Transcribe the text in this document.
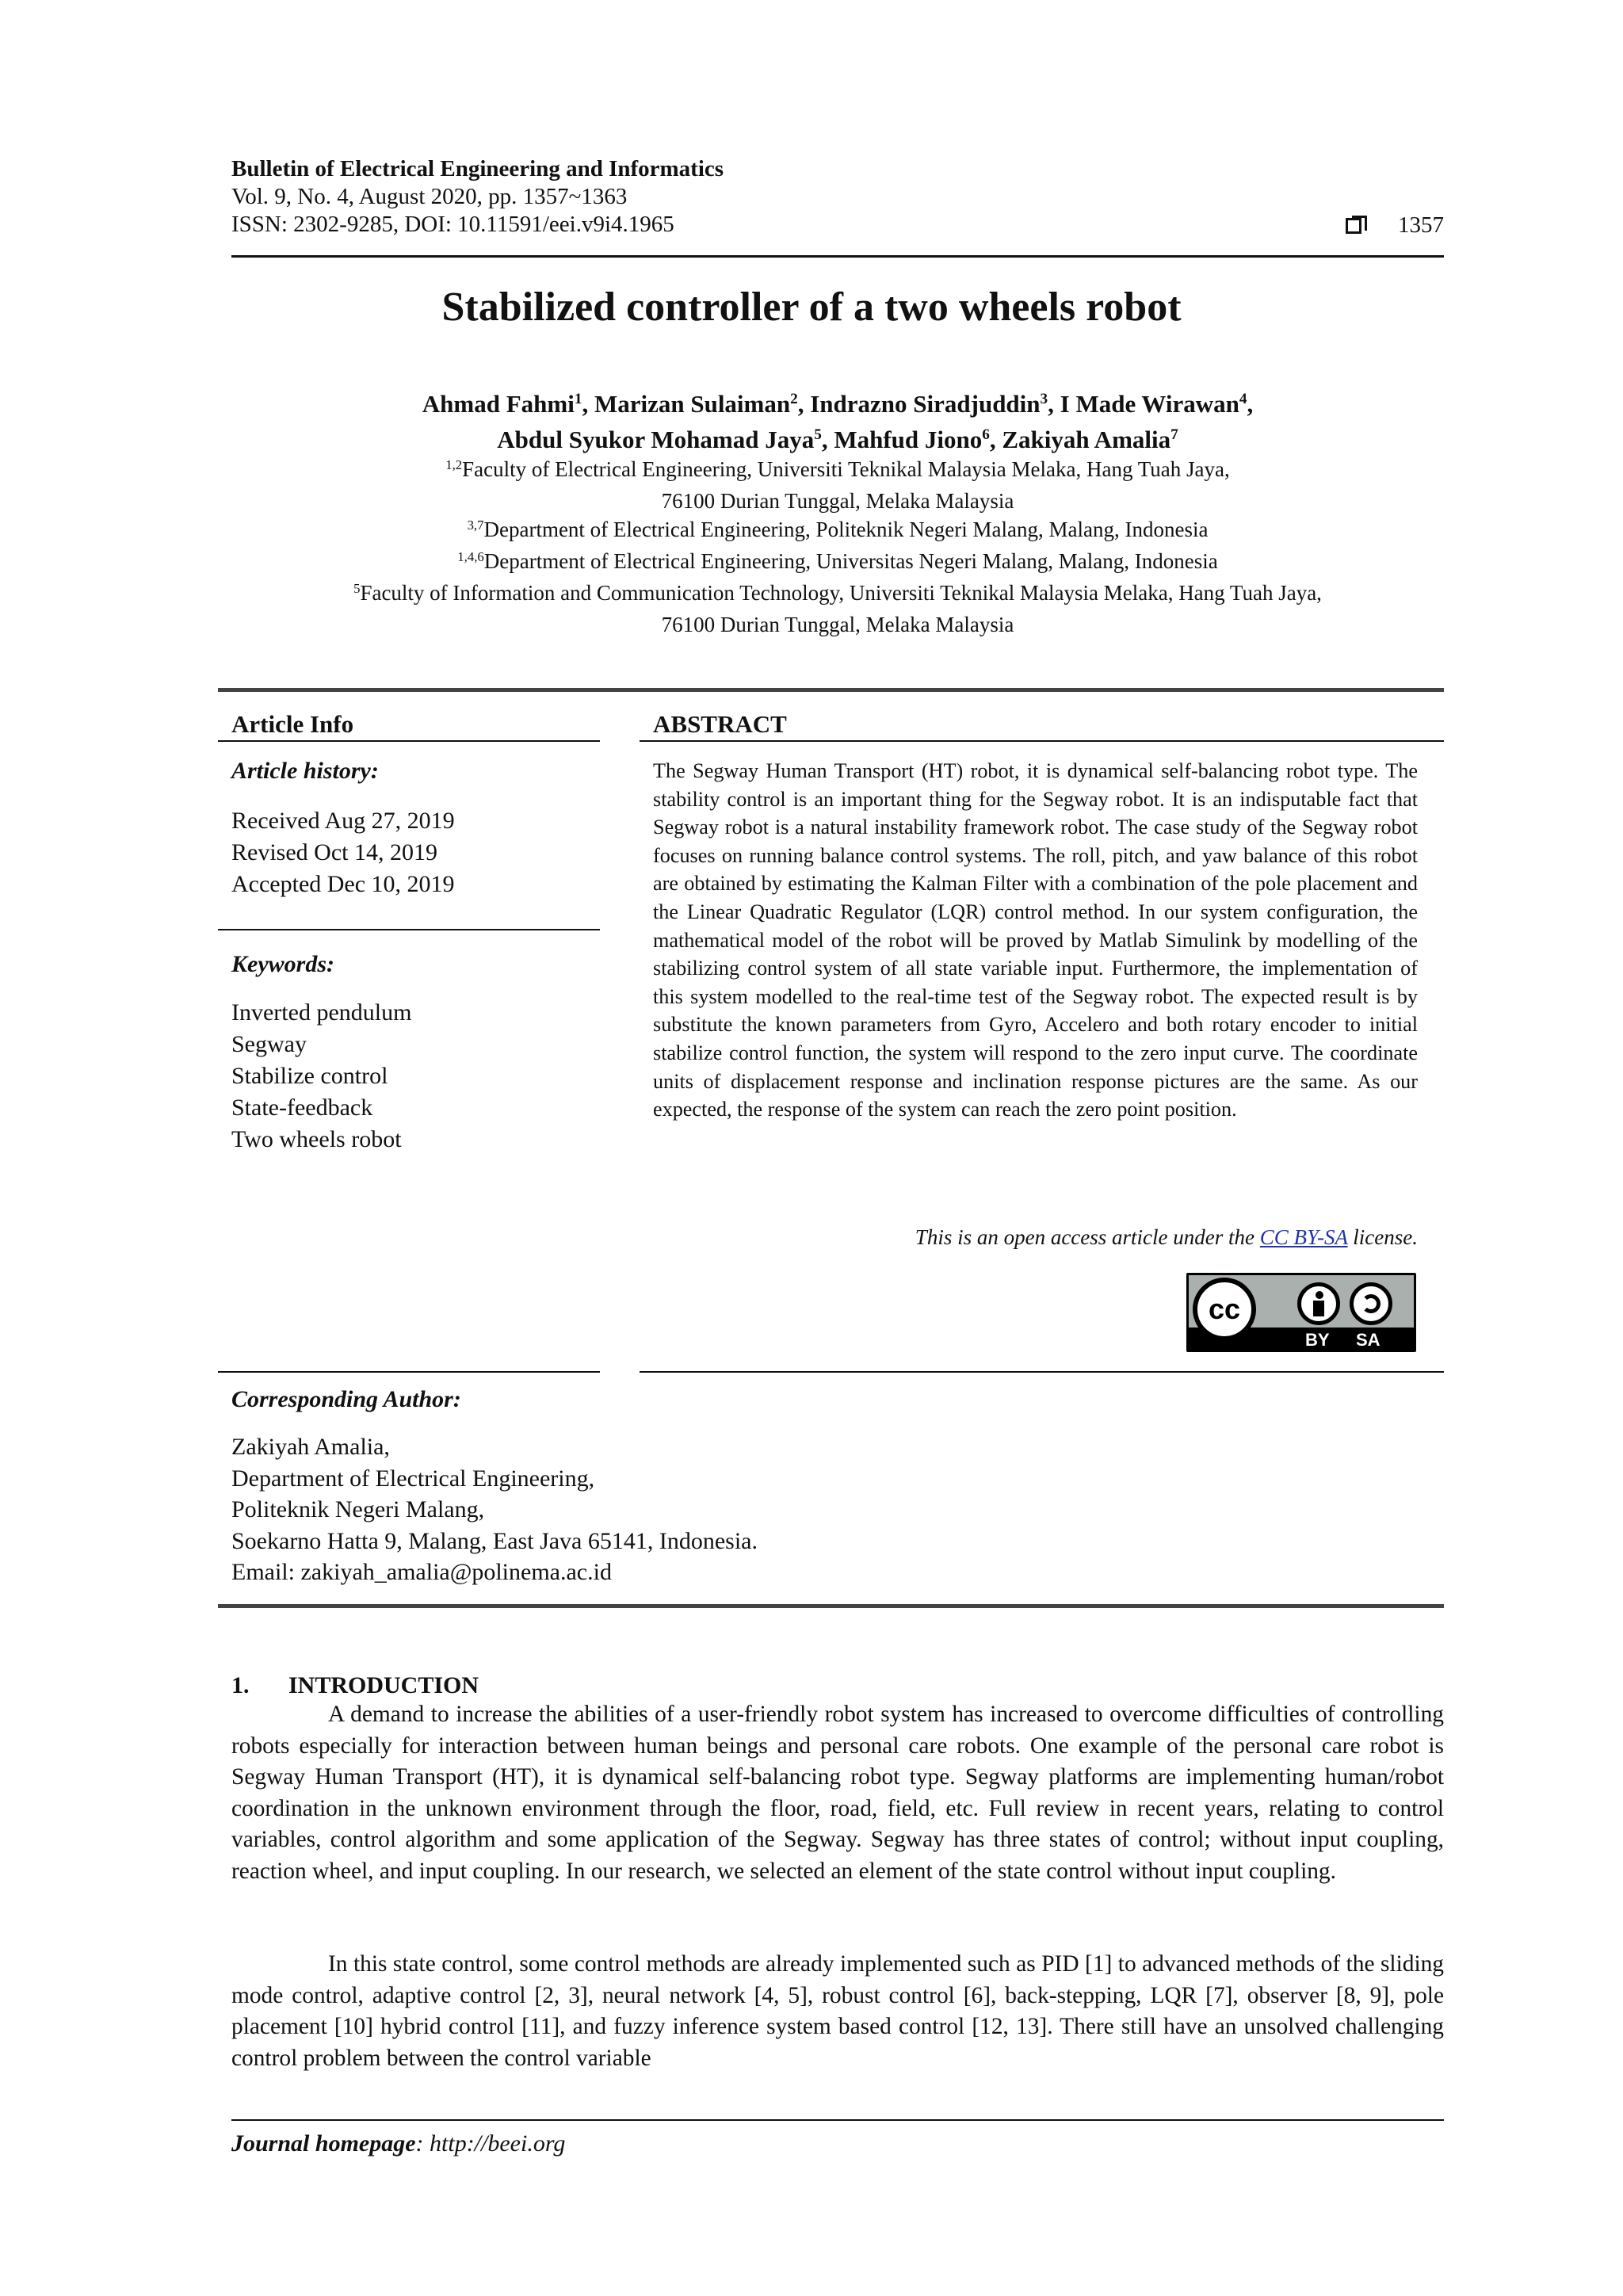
Bulletin of Electrical Engineering and Informatics
Vol. 9, No. 4, August 2020, pp. 1357~1363
ISSN: 2302-9285, DOI: 10.11591/eei.v9i4.1965	1357
Stabilized controller of a two wheels robot
Ahmad Fahmi$^1$, Marizan Sulaiman$^2$, Indrazno Siradjuddin$^3$, I Made Wirawan$^4$,
Abdul Syukor Mohamad Jaya$^5$, Mahfud Jiono$^6$, Zakiyah Amalia$^7$
$^{1,2}$Faculty of Electrical Engineering, Universiti Teknikal Malaysia Melaka, Hang Tuah Jaya,
76100 Durian Tunggal, Melaka Malaysia
$^{3,7}$Department of Electrical Engineering, Politeknik Negeri Malang, Malang, Indonesia
$^{1,4,6}$Department of Electrical Engineering, Universitas Negeri Malang, Malang, Indonesia
$^5$Faculty of Information and Communication Technology, Universiti Teknikal Malaysia Melaka, Hang Tuah Jaya,
76100 Durian Tunggal, Melaka Malaysia
Article Info
Article history:
Received Aug 27, 2019
Revised Oct 14, 2019
Accepted Dec 10, 2019
Keywords:
Inverted pendulum
Segway
Stabilize control
State-feedback
Two wheels robot
ABSTRACT
The Segway Human Transport (HT) robot, it is dynamical self-balancing robot type. The stability control is an important thing for the Segway robot. It is an indisputable fact that Segway robot is a natural instability framework robot. The case study of the Segway robot focuses on running balance control systems. The roll, pitch, and yaw balance of this robot are obtained by estimating the Kalman Filter with a combination of the pole placement and the Linear Quadratic Regulator (LQR) control method. In our system configuration, the mathematical model of the robot will be proved by Matlab Simulink by modelling of the stabilizing control system of all state variable input. Furthermore, the implementation of this system modelled to the real-time test of the Segway robot. The expected result is by substitute the known parameters from Gyro, Accelero and both rotary encoder to initial stabilize control function, the system will respond to the zero input curve. The coordinate units of displacement response and inclination response pictures are the same. As our expected, the response of the system can reach the zero point position.
This is an open access article under the CC BY-SA license.
cc
BY SA
Corresponding Author:
Zakiyah Amalia,
Department of Electrical Engineering,
Politeknik Negeri Malang,
Soekarno Hatta 9, Malang, East Java 65141, Indonesia.
Email: zakiyah_amalia@polinema.ac.id
1. INTRODUCTION
A demand to increase the abilities of a user-friendly robot system has increased to overcome difficulties of controlling robots especially for interaction between human beings and personal care robots. One example of the personal care robot is Segway Human Transport (HT), it is dynamical self-balancing robot type. Segway platforms are implementing human/robot coordination in the unknown environment through the floor, road, field, etc. Full review in recent years, relating to control variables, control algorithm and some application of the Segway. Segway has three states of control; without input coupling, reaction wheel, and input coupling. In our research, we selected an element of the state control without input coupling.
In this state control, some control methods are already implemented such as PID [1] to advanced methods of the sliding mode control, adaptive control [2, 3], neural network [4, 5], robust control [6], back-stepping, LQR [7], observer [8, 9], pole placement [10] hybrid control [11], and fuzzy inference system based control [12, 13]. There still have an unsolved challenging control problem between the control variable
Journal homepage: http://beei.org
